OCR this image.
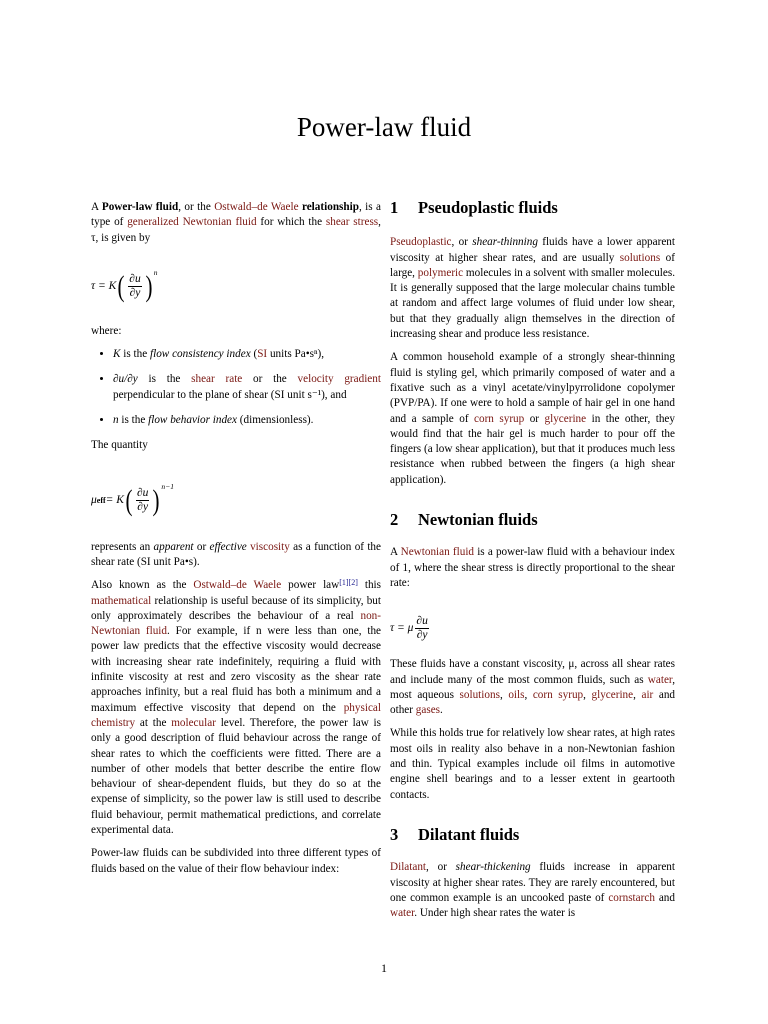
Power-law fluid

A Power-law fluid, or the Ostwald–de Waele relationship, is a type of generalized Newtonian fluid for which the shear stress, τ, is given by

τ = K ( $\frac{\partial u}{\partial y}$ ) n

where:

• K is the flow consistency index (SI units Pa•sⁿ),
• ∂u/∂y is the shear rate or the velocity gradient perpendicular to the plane of shear (SI unit s⁻¹), and
• n is the flow behavior index (dimensionless).

The quantity

μ eff = K ( $\frac{\partial u}{\partial y}$ ) n−1

represents an apparent or effective viscosity as a function of the shear rate (SI unit Pa•s).

Also known as the Ostwald–de Waele power law[1][2] this mathematical relationship is useful because of its simplicity, but only approximately describes the behaviour of a real non-Newtonian fluid. For example, if n were less than one, the power law predicts that the effective viscosity would decrease with increasing shear rate indefinitely, requiring a fluid with infinite viscosity at rest and zero viscosity as the shear rate approaches infinity, but a real fluid has both a minimum and a maximum effective viscosity that depend on the physical chemistry at the molecular level. Therefore, the power law is only a good description of fluid behaviour across the range of shear rates to which the coefficients were fitted. There are a number of other models that better describe the entire flow behaviour of shear-dependent fluids, but they do so at the expense of simplicity, so the power law is still used to describe fluid behaviour, permit mathematical predictions, and correlate experimental data.

Power-law fluids can be subdivided into three different types of fluids based on the value of their flow behaviour index:

1 Pseudoplastic fluids

Pseudoplastic, or shear-thinning fluids have a lower apparent viscosity at higher shear rates, and are usually solutions of large, polymeric molecules in a solvent with smaller molecules. It is generally supposed that the large molecular chains tumble at random and affect large volumes of fluid under low shear, but that they gradually align themselves in the direction of increasing shear and produce less resistance.

A common household example of a strongly shear-thinning fluid is styling gel, which primarily composed of water and a fixative such as a vinyl acetate/vinylpyrrolidone copolymer (PVP/PA). If one were to hold a sample of hair gel in one hand and a sample of corn syrup or glycerine in the other, they would find that the hair gel is much harder to pour off the fingers (a low shear application), but that it produces much less resistance when rubbed between the fingers (a high shear application).

2 Newtonian fluids

A Newtonian fluid is a power-law fluid with a behaviour index of 1, where the shear stress is directly proportional to the shear rate:

τ = μ $\frac{\partial u}{\partial y}$

These fluids have a constant viscosity, μ, across all shear rates and include many of the most common fluids, such as water, most aqueous solutions, oils, corn syrup, glycerine, air and other gases.

While this holds true for relatively low shear rates, at high rates most oils in reality also behave in a non-Newtonian fashion and thin. Typical examples include oil films in automotive engine shell bearings and to a lesser extent in geartooth contacts.

3 Dilatant fluids

Dilatant, or shear-thickening fluids increase in apparent viscosity at higher shear rates. They are rarely encountered, but one common example is an uncooked paste of cornstarch and water. Under high shear rates the water is

1
